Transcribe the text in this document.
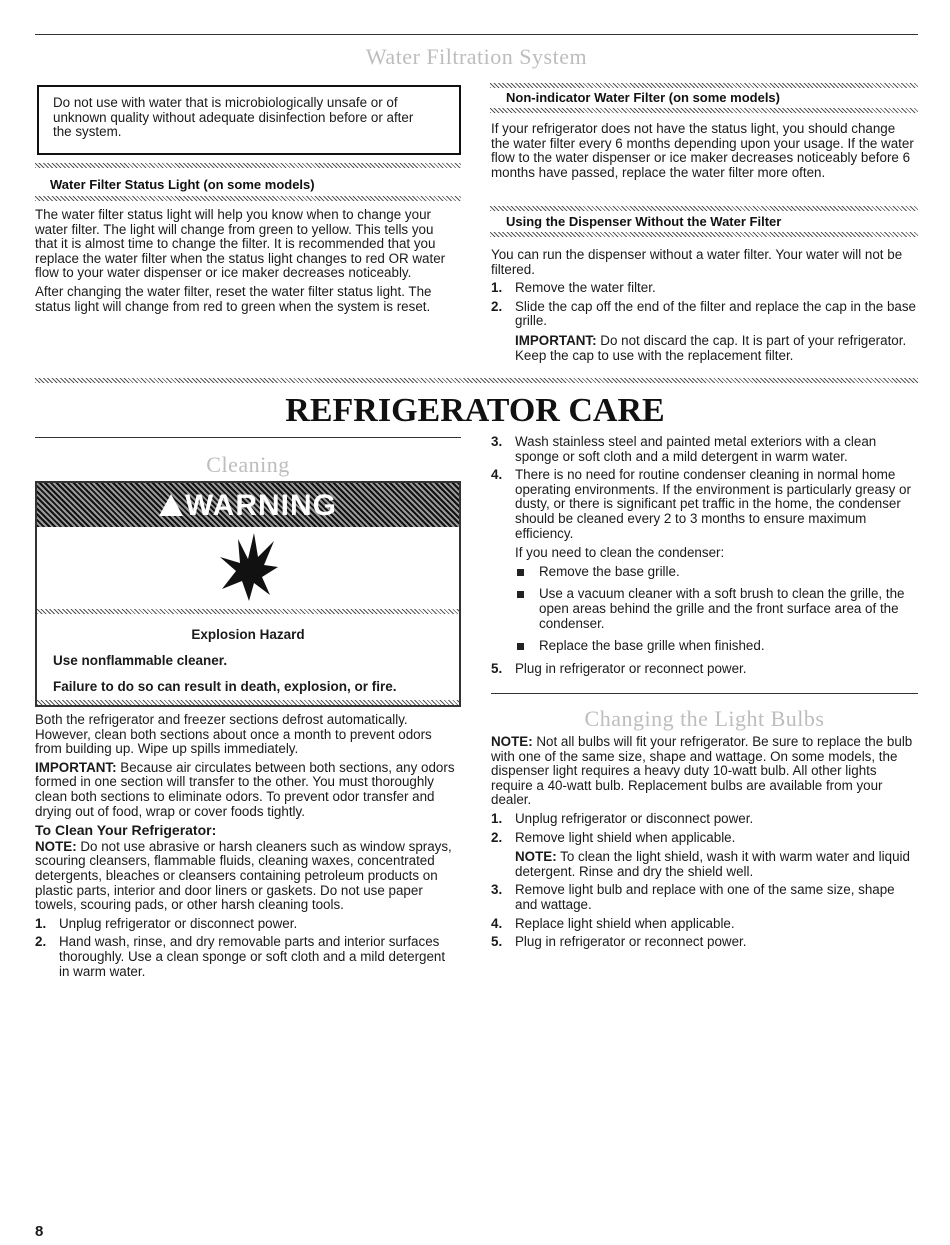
Water Filtration System
Do not use with water that is microbiologically unsafe or of unknown quality without adequate disinfection before or after the system.
Water Filter Status Light (on some models)

The water filter status light will help you know when to change your water filter. The light will change from green to yellow. This tells you that it is almost time to change the filter. It is recommended that you replace the water filter when the status light changes to red OR water flow to your water dispenser or ice maker decreases noticeably.

After changing the water filter, reset the water filter status light. The status light will change from red to green when the system is reset.

Non-indicator Water Filter (on some models)
If your refrigerator does not have the status light, you should change the water filter every 6 months depending upon your usage. If the water flow to the water dispenser or ice maker decreases noticeably before 6 months have passed, replace the water filter more often.
Using the Dispenser Without the Water Filter

You can run the dispenser without a water filter. Your water will not be filtered.

1. Remove the water filter.
2. Slide the cap off the end of the filter and replace the cap in the base grille.

IMPORTANT: Do not discard the cap. It is part of your refrigerator. Keep the cap to use with the replacement filter.

REFRIGERATOR CARE
Cleaning
WARNING
Explosion Hazard
Use nonflammable cleaner.
Failure to do so can result in death, explosion, or fire.

Both the refrigerator and freezer sections defrost automatically. However, clean both sections about once a month to prevent odors from building up. Wipe up spills immediately.

IMPORTANT: Because air circulates between both sections, any odors formed in one section will transfer to the other. You must thoroughly clean both sections to eliminate odors. To prevent odor transfer and drying out of food, wrap or cover foods tightly.

To Clean Your Refrigerator:

NOTE: Do not use abrasive or harsh cleaners such as window sprays, scouring cleansers, flammable fluids, cleaning waxes, concentrated detergents, bleaches or cleansers containing petroleum products on plastic parts, interior and door liners or gaskets. Do not use paper towels, scouring pads, or other harsh cleaning tools.

1. Unplug refrigerator or disconnect power.
2. Hand wash, rinse, and dry removable parts and interior surfaces thoroughly. Use a clean sponge or soft cloth and a mild detergent in warm water.
3. Wash stainless steel and painted metal exteriors with a clean sponge or soft cloth and a mild detergent in warm water.
4. There is no need for routine condenser cleaning in normal home operating environments. If the environment is particularly greasy or dusty, or there is significant pet traffic in the home, the condenser should be cleaned every 2 to 3 months to ensure maximum efficiency.

If you need to clean the condenser:

Remove the base grille.
Use a vacuum cleaner with a soft brush to clean the grille, the open areas behind the grille and the front surface area of the condenser.
Replace the base grille when finished.
5. Plug in refrigerator or reconnect power.
Changing the Light Bulbs

NOTE: Not all bulbs will fit your refrigerator. Be sure to replace the bulb with one of the same size, shape and wattage. On some models, the dispenser light requires a heavy duty 10-watt bulb. All other lights require a 40-watt bulb. Replacement bulbs are available from your dealer.

1. Unplug refrigerator or disconnect power.
2. Remove light shield when applicable.

NOTE: To clean the light shield, wash it with warm water and liquid detergent. Rinse and dry the shield well.

3. Remove light bulb and replace with one of the same size, shape and wattage.
4. Replace light shield when applicable.
5. Plug in refrigerator or reconnect power.
8
